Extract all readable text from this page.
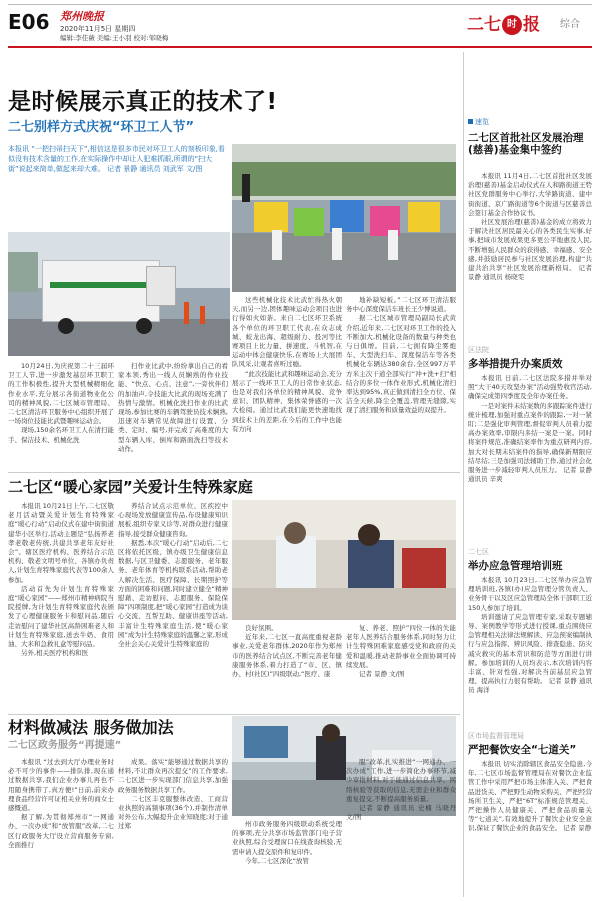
E06 郑州晚报
2020年11月5日 星期四
编辑:李佳薇 美编:王小羽 校对:邹晓梅
二七 时 报 综合
是时候展示真正的技术了!
二七别样方式庆祝“环卫工人节”
本报讯 “一把扫帚扫天下”,相信这是很多市民对环卫工人的刻板印象,看似没有技术含量的工作,在实际操作中却让人犯难抓眼,所谓的“扫大街”说起来简单,做起来却大难。 记者 景静 通讯员 刘武军 文/图

10月24日,为庆祝第二十三届环卫工人节,进一步激发基层环卫职工的工作积极性,提升大型机械精细化作业水平,充分展示各街道物业化公司的精神风貌,二七区城市管理局、二七区清洁环卫服务中心组织开展了一场岗位技能比武暨趣味运动会。

现场,150余名环卫工人在清扫能手、保洁技术、机械化洗

扫作业比武中,纷纷拿出自己的看家本领,秀出一线人员娴熟的作业技能、“快点、心点、注意”,一旁伙伴们的加油声,令技能大比武的现场充满了热情与激情。机械化洗扫作业的比武现场,参加比赛的车辆驾驶员技术娴熟,迅速对车辆常见故障进行设置、分类、定时、编号,并完成了高难度的大型车辆入库、倒库和路面洗扫等技术动作。

这些机械化技术比武忙得热火朝天,而另一边,团体趣味运动会项目也进行得如火如荼。来自二七区环卫系统各个单位的环卫职工代表,在众志成城、蛟龙出海、超级耐力、投河等比赛项目上比力量、拼速度、斗机智,在运动中体会健康快乐,在赛场上大展团队风采,让观者喜听过瘾。

“此次技能比武和趣味运动会,充分展示了一线环卫工人的日常作业状态,也是对我们各单位的精神风貌、竞争意识、团队精神、集体荣誉感的一次大检阅。通过比武我们能更快速地找到技术上的差距,在今后的工作中也能有方向

地补缺短板。”二七区环卫清洁服务中心深度保洁车班长王少博说道。

据二七区城市管理局副局长武黄介绍,近年来,二七区对环卫工作的投入不断加大,机械化设备的数量与种类也与日俱增。目前,二七拥有降尘雾炮车、大型洗扫车、深度保洁车等各类机械化车辆达380余台,全区997万平方米主次干道全部实行“冲+洗+扫”相结合的多位一体作业形式,机械化清扫率达到95%,真正做到清扫全方位、保洁全天候,降尘全覆盖,管理无缝隙,实现了清扫服务和质量效益的双提升。

二七区“暖心家园”关爱计生特殊家庭

本报讯 10月21日上午,二七区敬老月活动暨关爱计划生育特殊家庭“暖心行动”启动仪式在建中街街道建华小区举行,活动主题是“弘扬养老孝老敬老传统,共建共享老年友好社会”。辖区医疗机构、医养结合示范机构、敬老文明号单位、各镇办负责人,计划生育特殊家庭代表等100余人参加。

活动首先为计划生育特殊家庭“暖心家园”——郑州市精神病院当院授牌,为计划生育特殊家庭代表颁发了心理健康服务卡和慰问品,随后走访慰问了建华社区高龄困难老人和计划生育特殊家庭,送去牛奶、食用油、大米和急救礼盒等慰问品。

另外,相关医疗机构和医

养结合试点示范单位、区疾控中心现场发放健康宣传品,布设健康知识展板,组织专家义诊等,对群众进行健康指导,接受群众健康咨询。

据悉,本次“暖心行动”启动后,二七区将依托区级、镇办级卫生健康信息数据,与区卫健委、志愿服务、老年服务、老年体育等机构联系活动,帮助老人解决生活、医疗保障、长期照护等方面的困难和问题,同时建立健全“精神慰藉、走访慰问、志愿服务、保险保障”四项制度,把“暖心家园”打造成为谈心交流、互帮互助、健康讲座等活动,丰富计生特殊家庭生活,使“暖心家园”成为计生特殊家庭的温馨之家,形成全社会关心关爱计生特殊家庭的

良好氛围。

近年来,二七区一直高度重视老龄事业,关爱老年群体,2020年作为郑州市的医养结合试点区,不断完善老年健康服务体系,着力打造了“市、区、镇办、村(社区)”四级联动,“医疗、康

复、养老、照护”四位一体的失能老年人医养结合服务体系,同时努力让计生特殊困难家庭感受党和政府的关爱和温暖,推动老龄事业全面协调可持续发展。

记者 景静 文/图

材料做减法 服务做加法
二七区政务服务“再提速”

本报讯 “过去到大厅办理业务时必不可少的事件——排队排,现在通过数据共享,我们企业办事儿再也不用随身携带了,真方便!”日前,前来办理食品经营许可证相关业务的商女士感慨道。

据了解,为贯彻郑州市“一网通办、一次办成”和“放管服”改革,二七区行政服务大厅设立营商服务专窗,全面推行

成果。落实“能够通过数据共享的材料,不让群众再次提交”的工作要求,二七区进一步实现部门信息共享,加强政务服务数据共享工作。

二七区丰克服整体改造、工商营业执照的高频事项(36个),并制作清单对外公布,大幅提升企业知晓度;对于通过郑	州市政务服务四级联动系统受理的事项,充分共享市场监管部门电子营业执照,综合受理窗口在线查询核验,无需申请人提交原件和复印件。

今年,二七区深化“放管

服”改革,扎实推进“一网通办、一次办成”工作,进一步简化办事环节,减少审批材料,对于能通过信息共享、网络核验等获取的信息,无需企业和群众重复提交,不断提高服务质量。

记者 景静 通讯员 史楠 马晓丹 文/图

速览
二七区首批社区发展治理(慈善)基金集中签约

本报讯 11月4日,二七区首批社区发展治理(慈善)基金启动仪式在人和路街道王砦社区党群服务中心举行,大学路街道、建中街街道、京广路街道等6个街道与区慈善总会签订基金合作协议书。

社区发展治理(慈善)基金的成立将致力于解决社区居民最关心的各类民生实事,好事,把域市发展成果更多更公平地惠及人民,不断增强人民群众的获得感、幸福感、安全感,并鼓励居民参与社区发展治理,构建“共建共治共享”社区发展治理新格局。 记者 景静 通讯员 杨晓雯

区法院
多举措提升办案质效

本报讯 日前,二七区法院多措并举对照“大干40天攻坚办案”活动强势收官活动,确保完成第四季度及全年办案任务。

一是对案件未结案数的多跟踪案件进行统计梳理,加强对重点案件的跟踪,一对一紧盯;二是强化审判管理,督促审判人员着力提高办案效率,审限内多结一案是一案。同时将案件规范,准确结案率作为重点研判内容,加大对长期未结案件的指导,确保新期限应结尽结;三是加强司法辅助工作,通过社会化服务进一步减轻审判人员压力。 记者 景静 通讯员 辛爽

二七区
举办应急管理培训班

本报讯 10月23日,二七区举办应急管理培训班,各镇(办)应急管理分管负责人、业务骨干以及区应急管理局全体干部职工近150人参加了培训。

培训邀请了应急管理专家,采取专题辅导、案例教学等形式进行授课,重点围绕应急管理相关法律法规解读、应急预案编制执行与应急指挥、辨识风险、排查隐患、防灾减灾救灾的基本常识和防范等方面进行讲解。参加培训的人员均表示,本次培训内容丰富、针对性强,对解决当前基层应急管理、提高执行力很有帮助。 记者 景静 通讯员 海洋

区市场监督管理局
严把餐饮安全“七道关”

本报讯 切实消除辖区食品安全隐患,今年,二七区市场监督管理局在对餐饮企业监管工作中采用严把市场主体准入关、严把食品进货关、严把野生动物采购关、严把经营场所卫生关、严把“6T”标准规范管理关、严把操作人员健康关、严把食品质量关等“七道关”,有效地提升了餐饮企业安全意识,保证了餐饮企业的食品安全。 记者 景静
